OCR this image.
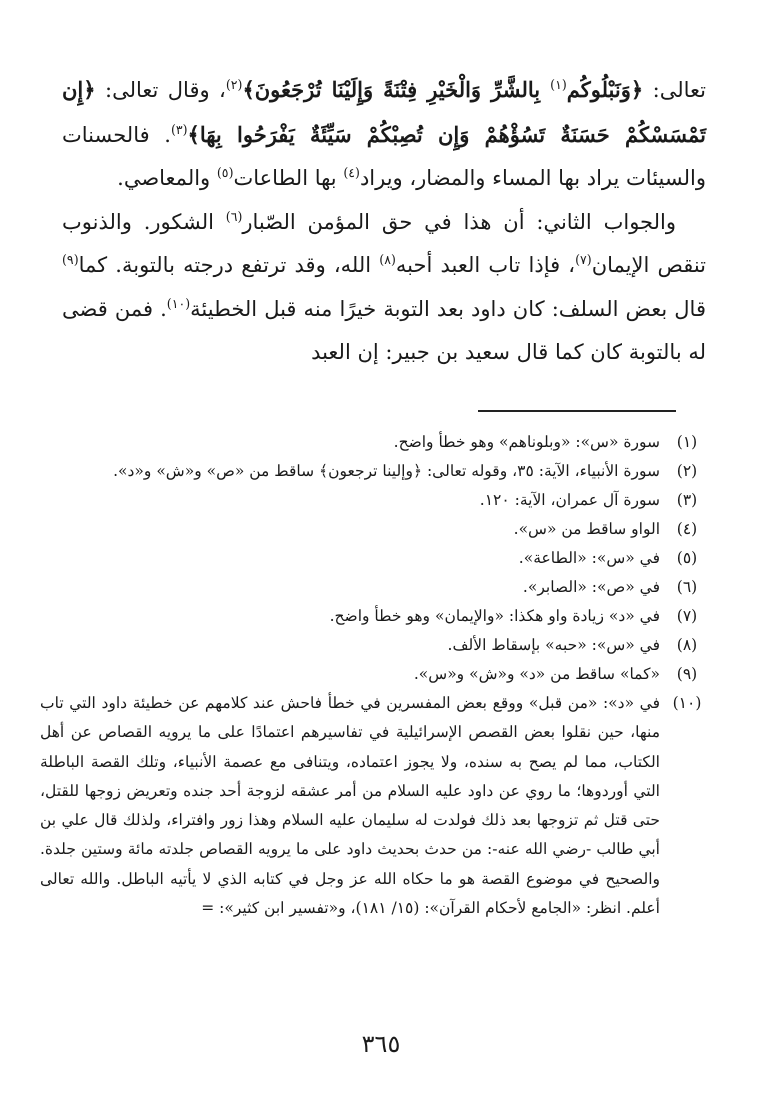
تعالى: ﴿وَنَبْلُوكُم$^{(١)}$ بِالشَّرِّ وَالْخَيْرِ فِتْنَةً وَإِلَيْنَا تُرْجَعُونَ﴾$^{(٢)}$، وقال تعالى: ﴿إِن تَمْسَسْكُمْ حَسَنَةٌ تَسُؤْهُمْ وَإِن تُصِبْكُمْ سَيِّئَةٌ يَفْرَحُوا بِهَا﴾$^{(٣)}$. فالحسنات والسيئات يراد بها المساء والمضار، ويراد$^{(٤)}$ بها الطاعات$^{(٥)}$ والمعاصي.

والجواب الثاني: أن هذا في حق المؤمن الصّبار$^{(٦)}$ الشكور. والذنوب تنقص الإيمان$^{(٧)}$، فإذا تاب العبد أحبه$^{(٨)}$ الله، وقد ترتفع درجته بالتوبة. كما$^{(٩)}$ قال بعض السلف: كان داود بعد التوبة خيرًا منه قبل الخطيئة$^{(١٠)}$. فمن قضى له بالتوبة كان كما قال سعيد بن جبير: إن العبد

(١)
سورة «س»: «وبلوناهم» وهو خطأ واضح.
(٢)
سورة الأنبياء، الآية: ٣٥، وقوله تعالى: ﴿وإلينا ترجعون﴾ ساقط من «ص» و«ش» و«د».
(٣)
سورة آل عمران، الآية: ١٢٠.
(٤)
الواو ساقط من «س».
(٥)
في «س»: «الطاعة».
(٦)
في «ص»: «الصابر».
(٧)
في «د» زيادة واو هكذا: «والإيمان» وهو خطأ واضح.
(٨)
في «س»: «حبه» بإسقاط الألف.
(٩)
«كما» ساقط من «د» و«ش» و«س».
(١٠)
في «د»: «من قبل» ووقع بعض المفسرين في خطأ فاحش عند كلامهم عن خطيئة داود التي تاب منها، حين نقلوا بعض القصص الإسرائيلية في تفاسيرهم اعتمادًا على ما يرويه القصاص عن أهل الكتاب، مما لم يصح به سنده، ولا يجوز اعتماده، ويتنافى مع عصمة الأنبياء، وتلك القصة الباطلة التي أوردوها؛ ما روي عن داود عليه السلام من أمر عشقه لزوجة أحد جنده وتعريض زوجها للقتل، حتى قتل ثم تزوجها بعد ذلك فولدت له سليمان عليه السلام وهذا زور وافتراء، ولذلك قال علي بن أبي طالب -رضي الله عنه-: من حدث بحديث داود على ما يرويه القصاص جلدته مائة وستين جلدة. والصحيح في موضوع القصة هو ما حكاه الله عز وجل في كتابه الذي لا يأتيه الباطل. والله تعالى أعلم. انظر: «الجامع لأحكام القرآن»: (١٥/ ١٨١)، و«تفسير ابن كثير»: =
٣٦٥
